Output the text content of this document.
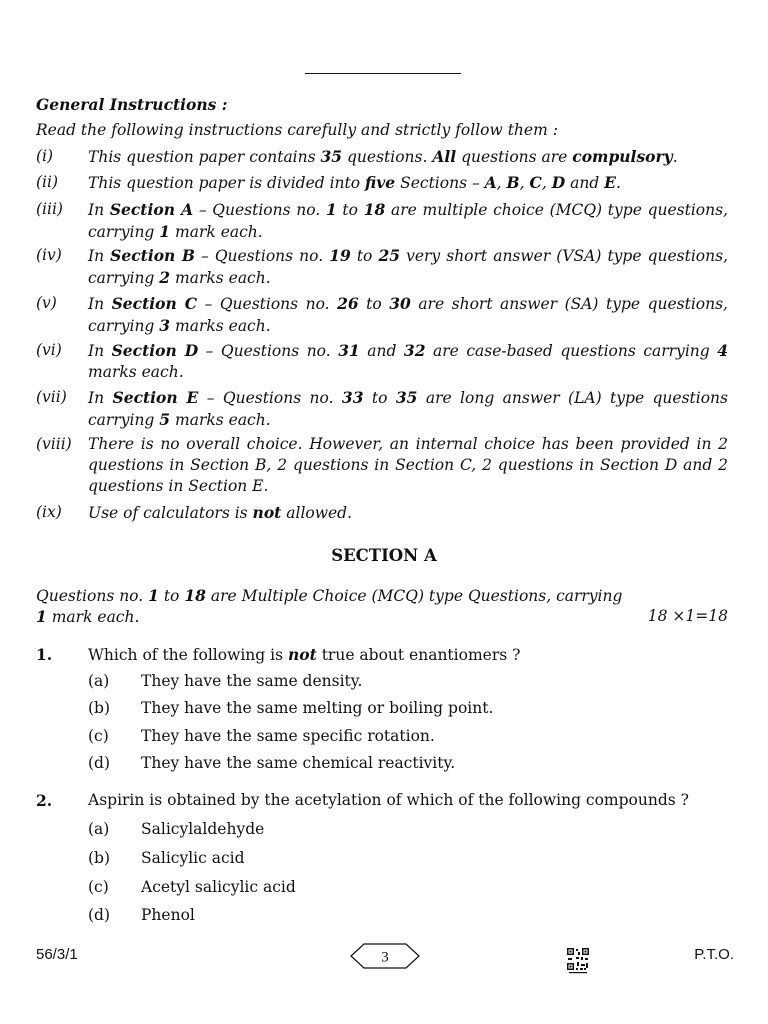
General Instructions :
Read the following instructions carefully and strictly follow them :
(i) This question paper contains 35 questions. All questions are compulsory.
(ii) This question paper is divided into five Sections – A, B, C, D and E.
(iii) In Section A – Questions no. 1 to 18 are multiple choice (MCQ) type questions, carrying 1 mark each.
(iv) In Section B – Questions no. 19 to 25 very short answer (VSA) type questions, carrying 2 marks each.
(v) In Section C – Questions no. 26 to 30 are short answer (SA) type questions, carrying 3 marks each.
(vi) In Section D – Questions no. 31 and 32 are case-based questions carrying 4 marks each.
(vii) In Section E – Questions no. 33 to 35 are long answer (LA) type questions carrying 5 marks each.
(viii) There is no overall choice. However, an internal choice has been provided in 2 questions in Section B, 2 questions in Section C, 2 questions in Section D and 2 questions in Section E.
(ix) Use of calculators is not allowed.
SECTION A
Questions no. 1 to 18 are Multiple Choice (MCQ) type Questions, carrying
1 mark each.	18 ×1=18
1. Which of the following is not true about enantiomers ?
(a) They have the same density.
(b) They have the same melting or boiling point.
(c) They have the same specific rotation.
(d) They have the same chemical reactivity.
2. Aspirin is obtained by the acetylation of which of the following compounds ?
(a) Salicylaldehyde
(b) Salicylic acid
(c) Acetyl salicylic acid
(d) Phenol
56/3/1	3	P.T.O.
